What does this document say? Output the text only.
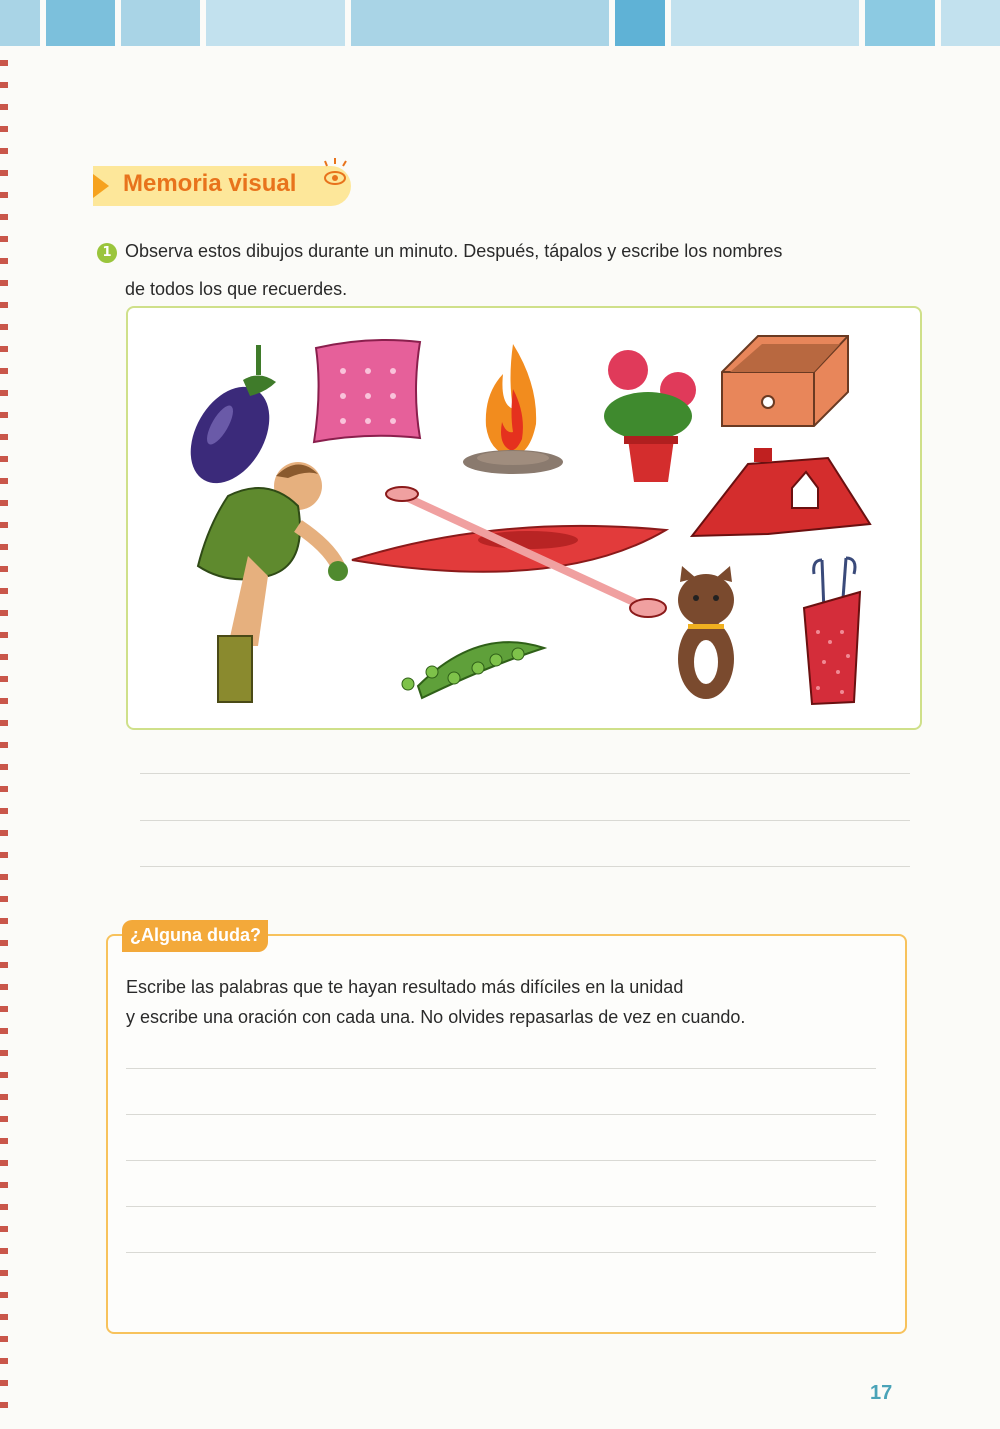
Memoria visual
1 Observa estos dibujos durante un minuto. Después, tápalos y escribe los nombres
de todos los que recuerdes.
¿Alguna duda?
Escribe las palabras que te hayan resultado más difíciles en la unidad
y escribe una oración con cada una. No olvides repasarlas de vez en cuando.
17
